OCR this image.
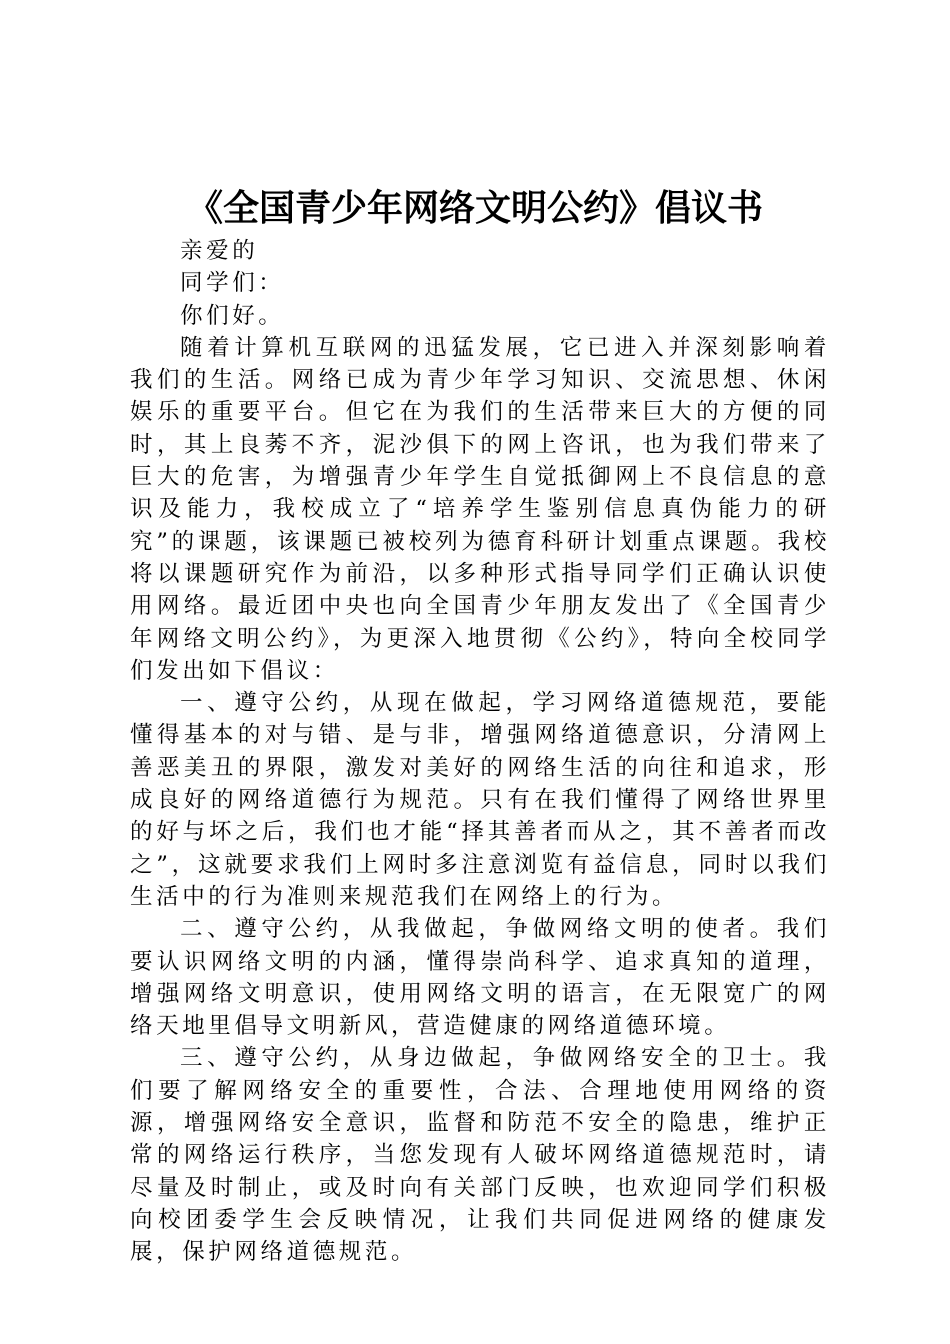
《全国青少年网络文明公约》倡议书

亲爱的

同学们：

你们好。

随着计算机互联网的迅猛发展，它已进入并深刻影响着我们的生活。网络已成为青少年学习知识、交流思想、休闲娱乐的重要平台。但它在为我们的生活带来巨大的方便的同时，其上良莠不齐，泥沙俱下的网上咨讯，也为我们带来了巨大的危害，为增强青少年学生自觉抵御网上不良信息的意识及能力，我校成立了“培养学生鉴别信息真伪能力的研究”的课题，该课题已被校列为德育科研计划重点课题。我校将以课题研究作为前沿，以多种形式指导同学们正确认识使用网络。最近团中央也向全国青少年朋友发出了《全国青少年网络文明公约》，为更深入地贯彻《公约》，特向全校同学们发出如下倡议：

一、遵守公约，从现在做起，学习网络道德规范，要能懂得基本的对与错、是与非，增强网络道德意识，分清网上善恶美丑的界限，激发对美好的网络生活的向往和追求，形成良好的网络道德行为规范。只有在我们懂得了网络世界里的好与坏之后，我们也才能“择其善者而从之，其不善者而改之”，这就要求我们上网时多注意浏览有益信息，同时以我们生活中的行为准则来规范我们在网络上的行为。

二、遵守公约，从我做起，争做网络文明的使者。我们要认识网络文明的内涵，懂得崇尚科学、追求真知的道理，增强网络文明意识，使用网络文明的语言，在无限宽广的网络天地里倡导文明新风，营造健康的网络道德环境。

三、遵守公约，从身边做起，争做网络安全的卫士。我们要了解网络安全的重要性，合法、合理地使用网络的资源，增强网络安全意识，监督和防范不安全的隐患，维护正常的网络运行秩序，当您发现有人破坏网络道德规范时，请尽量及时制止，或及时向有关部门反映，也欢迎同学们积极向校团委学生会反映情况，让我们共同促进网络的健康发展，保护网络道德规范。
